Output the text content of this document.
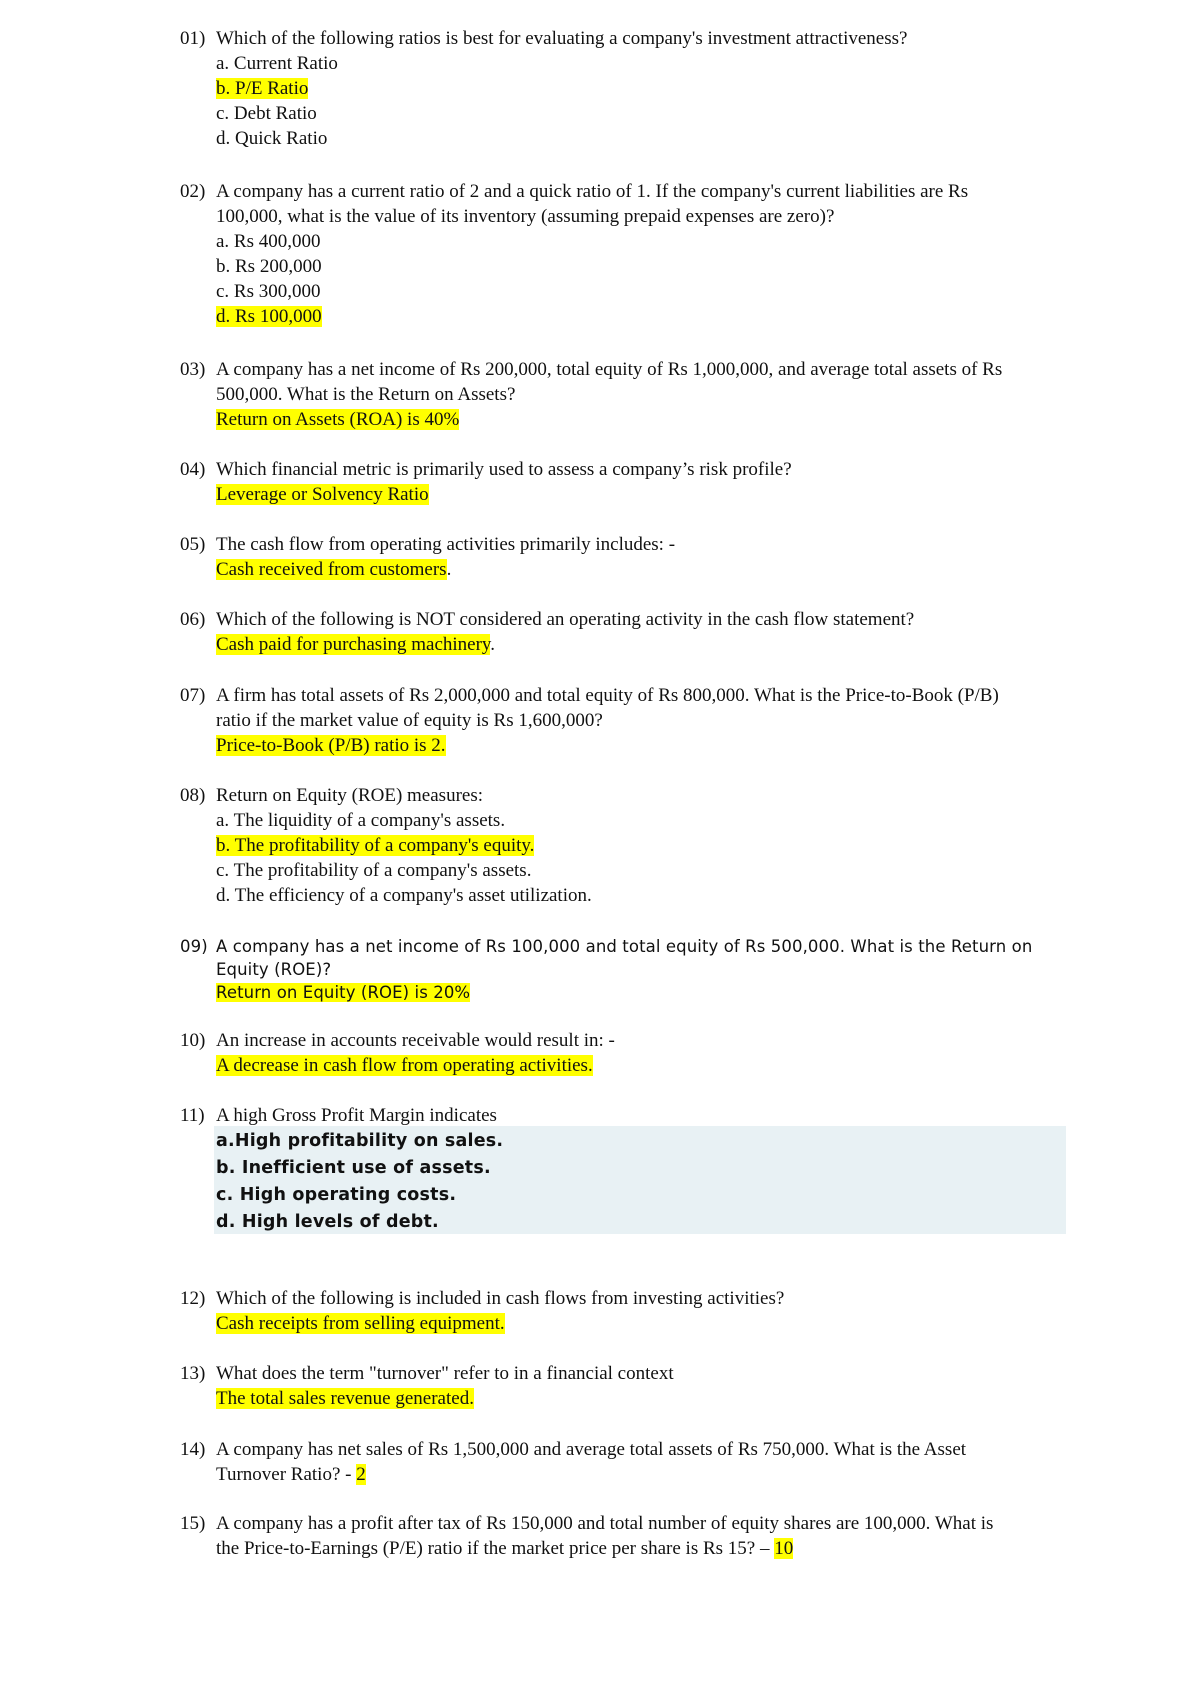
01) Which of the following ratios is best for evaluating a company's investment attractiveness?
a. Current Ratio
b. P/E Ratio
c. Debt Ratio
d. Quick Ratio
02) A company has a current ratio of 2 and a quick ratio of 1. If the company's current liabilities are Rs
100,000, what is the value of its inventory (assuming prepaid expenses are zero)?
a. Rs 400,000
b. Rs 200,000
c. Rs 300,000
d. Rs 100,000
03) A company has a net income of Rs 200,000, total equity of Rs 1,000,000, and average total assets of Rs
500,000. What is the Return on Assets?
Return on Assets (ROA) is 40%
04) Which financial metric is primarily used to assess a company’s risk profile?
Leverage or Solvency Ratio
05) The cash flow from operating activities primarily includes: -
Cash received from customers.
06) Which of the following is NOT considered an operating activity in the cash flow statement?
Cash paid for purchasing machinery.
07) A firm has total assets of Rs 2,000,000 and total equity of Rs 800,000. What is the Price-to-Book (P/B)
ratio if the market value of equity is Rs 1,600,000?
Price-to-Book (P/B) ratio is 2.
08) Return on Equity (ROE) measures:
a. The liquidity of a company's assets.
b. The profitability of a company's equity.
c. The profitability of a company's assets.
d. The efficiency of a company's asset utilization.
09) A company has a net income of Rs 100,000 and total equity of Rs 500,000. What is the Return on
Equity (ROE)?
Return on Equity (ROE) is 20%
10) An increase in accounts receivable would result in: -
A decrease in cash flow from operating activities.
11) A high Gross Profit Margin indicates
a.High profitability on sales.
b. Inefficient use of assets.
c. High operating costs.
d. High levels of debt.
12) Which of the following is included in cash flows from investing activities?
Cash receipts from selling equipment.
13) What does the term "turnover" refer to in a financial context
The total sales revenue generated.
14) A company has net sales of Rs 1,500,000 and average total assets of Rs 750,000. What is the Asset
Turnover Ratio? - 2
15) A company has a profit after tax of Rs 150,000 and total number of equity shares are 100,000. What is
the Price-to-Earnings (P/E) ratio if the market price per share is Rs 15? – 10
